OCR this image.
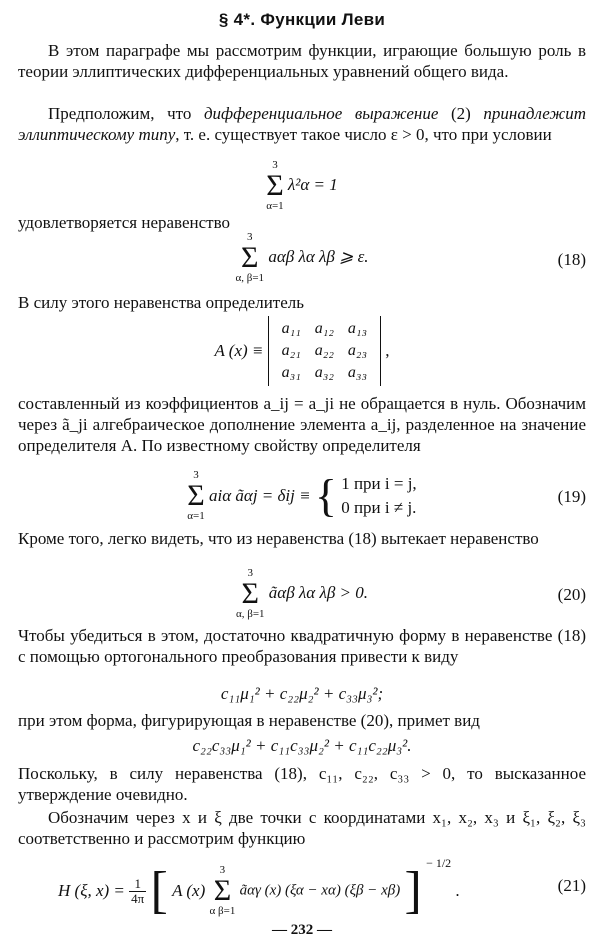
§ 4*. Функции Леви
В этом параграфе мы рассмотрим функции, играющие большую роль в теории эллиптических дифференциальных уравнений общего вида.
Предположим, что дифференциальное выражение (2) принадлежит эллиптическому типу, т. е. существует такое число ε > 0, что при условии
3
Σ
α=1
λ²α = 1
удовлетворяется неравенство
3
Σ
α, β=1
aαβ λα λβ ⩾ ε.	(18)
В силу этого неравенства определитель
A (x) ≡
a₁₁	a₁₂	a₁₃
a₂₁	a₂₂	a₂₃
a₃₁	a₃₂	a₃₃
,
составленный из коэффициентов a_ij = a_ji не обращается в нуль. Обозначим через ã_ji алгебраическое дополнение элемента a_ij, разделенное на значение определителя A. По известному свойству определителя
3
Σ
α=1
aiα ãαj = δij ≡ { 1 при i = j,
0 при i ≠ j.
(19)
Кроме того, легко видеть, что из неравенства (18) вытекает неравенство
3
Σ
α, β=1
ãαβ λα λβ > 0.	(20)
Чтобы убедиться в этом, достаточно квадратичную форму в неравенстве (18) с помощью ортогонального преобразования привести к виду
c₁₁μ₁² + c₂₂μ₂² + c₃₃μ₃²;
при этом форма, фигурирующая в неравенстве (20), примет вид
c₂₂c₃₃μ₁² + c₁₁c₃₃μ₂² + c₁₁c₂₂μ₃².
Поскольку, в силу неравенства (18), c₁₁, c₂₂, c₃₃ > 0, то высказанное утверждение очевидно.
Обозначим через x и ξ две точки с координатами x₁, x₂, x₃ и ξ₁, ξ₂, ξ₃ соответственно и рассмотрим функцию
H (ξ, $x) = \frac{1}{4\pi}$ [ A (x)
3
Σ
α β=1
ãαγ (x) (ξα − xα) (ξβ − xβ) ] $^{- 1/2}$ .	(21)
— 232 —
